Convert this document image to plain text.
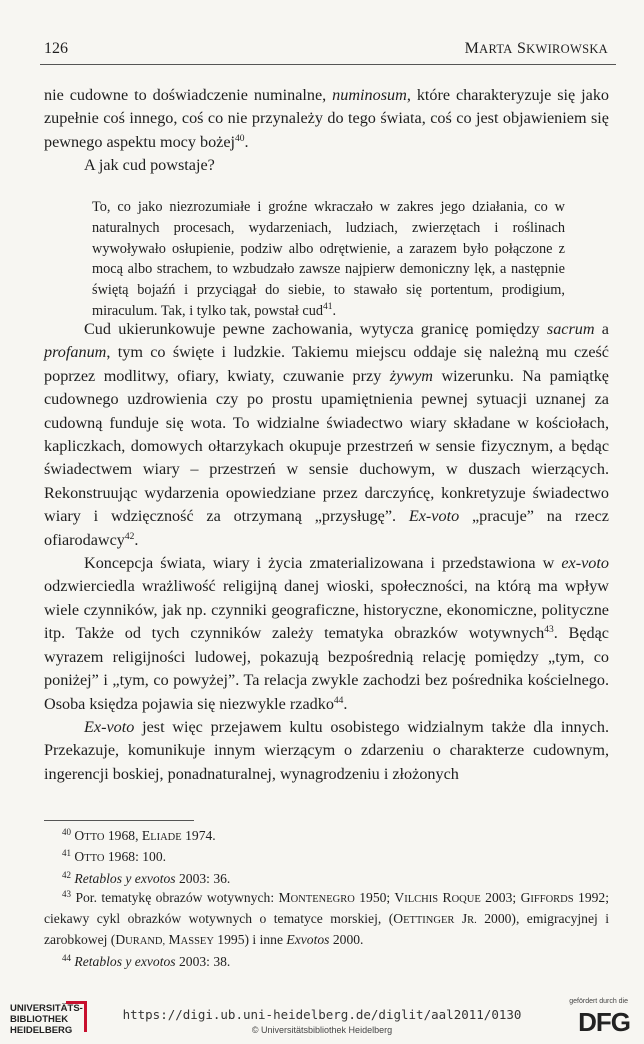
126	MARTA SKWIROWSKA

nie cudowne to doświadczenie numinalne, numinosum, które charakteryzuje się jako zupełnie coś innego, coś co nie przynależy do tego świata, coś co jest objawieniem się pewnego aspektu mocy bożej$^{40}$.

A jak cud powstaje?

To, co jako niezrozumiałe i groźne wkraczało w zakres jego działania, co w naturalnych procesach, wydarzeniach, ludziach, zwierzętach i roślinach wywoływało osłupienie, podziw albo odrętwienie, a zarazem było połączone z mocą albo strachem, to wzbudzało zawsze najpierw demoniczny lęk, a następnie świętą bojaźń i przyciągał do siebie, to stawało się portentum, prodigium, miraculum. Tak, i tylko tak, powstał cud$^{41}$.

Cud ukierunkowuje pewne zachowania, wytycza granicę pomiędzy sacrum a profanum, tym co święte i ludzkie. Takiemu miejscu oddaje się należną mu cześć poprzez modlitwy, ofiary, kwiaty, czuwanie przy żywym wizerunku. Na pamiątkę cudownego uzdrowienia czy po prostu upamiętnienia pewnej sytuacji uznanej za cudowną funduje się wota. To widzialne świadectwo wiary składane w kościołach, kapliczkach, domowych ołtarzykach okupuje przestrzeń w sensie fizycznym, a będąc świadectwem wiary – przestrzeń w sensie duchowym, w duszach wierzących. Rekonstruując wydarzenia opowiedziane przez darczyńcę, konkretyzuje świadectwo wiary i wdzięczność za otrzymaną „przysługę”. Ex-voto „pracuje” na rzecz ofiarodawcy$^{42}$.

Koncepcja świata, wiary i życia zmaterializowana i przedstawiona w ex-voto odzwierciedla wrażliwość religijną danej wioski, społeczności, na którą ma wpływ wiele czynników, jak np. czynniki geograficzne, historyczne, ekonomiczne, polityczne itp. Także od tych czynników zależy tematyka obrazków wotywnych$^{43}$. Będąc wyrazem religijności ludowej, pokazują bezpośrednią relację pomiędzy „tym, co poniżej” i „tym, co powyżej”. Ta relacja zwykle zachodzi bez pośrednika kościelnego. Osoba księdza pojawia się niezwykle rzadko$^{44}$.

Ex-voto jest więc przejawem kultu osobistego widzialnym także dla innych. Przekazuje, komunikuje innym wierzącym o zdarzeniu o charakterze cudownym, ingerencji boskiej, ponadnaturalnej, wynagrodzeniu i złożonych

$^{40}$ OTTO 1968, ELIADE 1974.

$^{41}$ OTTO 1968: 100.

$^{42}$ Retablos y exvotos 2003: 36.

$^{43}$ Por. tematykę obrazów wotywnych: MONTENEGRO 1950; VILCHIS ROQUE 2003; GIFFORDS 1992; ciekawy cykl obrazków wotywnych o tematyce morskiej, (OETTINGER JR. 2000), emigracyjnej i zarobkowej (DURAND, MASSEY 1995) i inne Exvotos 2000.

$^{44}$ Retablos y exvotos 2003: 38.

UNIVERSITÄTS-
BIBLIOTHEK
HEIDELBERG
https://digi.ub.uni-heidelberg.de/diglit/aal2011/0130
© Universitätsbibliothek Heidelberg
gefördert durch die
DFG
